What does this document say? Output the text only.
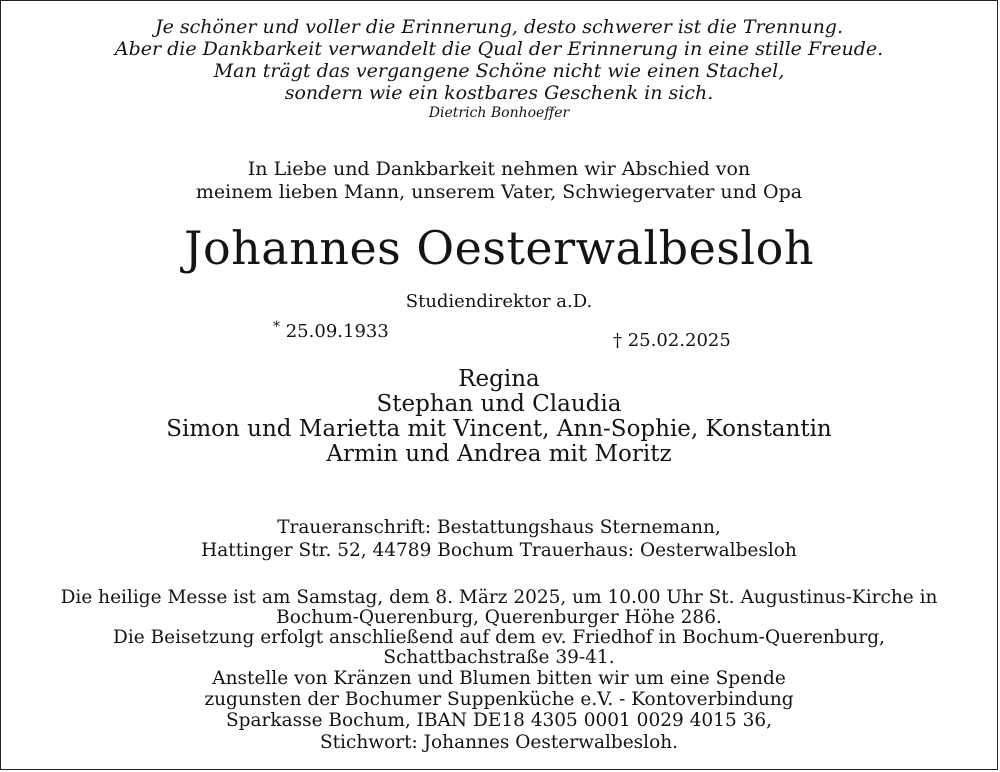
Je schöner und voller die Erinnerung, desto schwerer ist die Trennung.
Aber die Dankbarkeit verwandelt die Qual der Erinnerung in eine stille Freude.
Man trägt das vergangene Schöne nicht wie einen Stachel,
sondern wie ein kostbares Geschenk in sich.
Dietrich Bonhoeffer
In Liebe und Dankbarkeit nehmen wir Abschied von
meinem lieben Mann, unserem Vater, Schwiegervater und Opa
Johannes Oesterwalbesloh
Studiendirektor a.D.
* 25.09.1933	† 25.02.2025
Regina
Stephan und Claudia
Simon und Marietta mit Vincent, Ann-Sophie, Konstantin
Armin und Andrea mit Moritz
Traueranschrift: Bestattungshaus Sternemann,
Hattinger Str. 52, 44789 Bochum Trauerhaus: Oesterwalbesloh
Die heilige Messe ist am Samstag, dem 8. März 2025, um 10.00 Uhr St. Augustinus-Kirche in
Bochum-Querenburg, Querenburger Höhe 286.
Die Beisetzung erfolgt anschließend auf dem ev. Friedhof in Bochum-Querenburg,
Schattbachstraße 39-41.
Anstelle von Kränzen und Blumen bitten wir um eine Spende
zugunsten der Bochumer Suppenküche e.V. - Kontoverbindung
Sparkasse Bochum, IBAN DE18 4305 0001 0029 4015 36,
Stichwort: Johannes Oesterwalbesloh.
